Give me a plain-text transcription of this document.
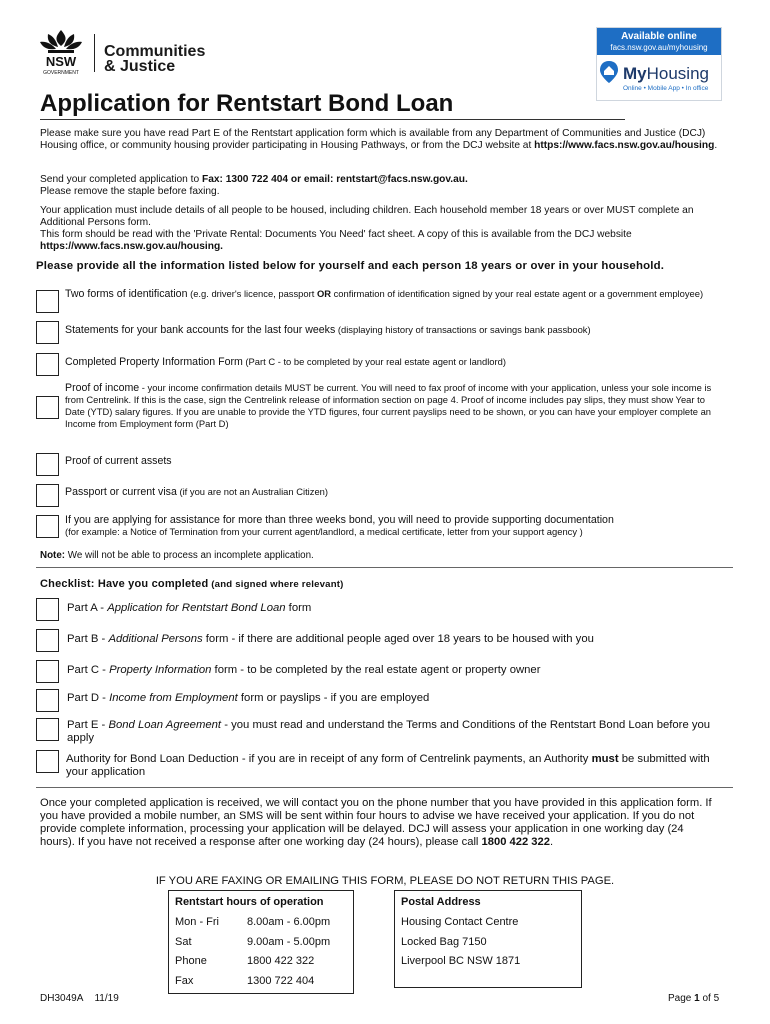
NSW
GOVERNMENT
Communities
& Justice
Available online
facs.nsw.gov.au/myhousing
MyHousing
Online • Mobile App • In office
Application for Rentstart Bond Loan
Please make sure you have read Part E of the Rentstart application form which is available from any Department of Communities and Justice (DCJ) Housing office, or community housing provider participating in Housing Pathways, or from the DCJ website at https://www.facs.nsw.gov.au/housing.
Send your completed application to Fax: 1300 722 404 or email: rentstart@facs.nsw.gov.au.
Please remove the staple before faxing.
Your application must include details of all people to be housed, including children. Each household member 18 years or over MUST complete an Additional Persons form.
This form should be read with the 'Private Rental: Documents You Need' fact sheet. A copy of this is available from the DCJ website
https://www.facs.nsw.gov.au/housing.
Please provide all the information listed below for yourself and each person 18 years or over in your household.
Two forms of identification (e.g. driver's licence, passport OR confirmation of identification signed by your real estate agent or a government employee)
Statements for your bank accounts for the last four weeks (displaying history of transactions or savings bank passbook)
Completed Property Information Form (Part C - to be completed by your real estate agent or landlord)
Proof of income - your income confirmation details MUST be current. You will need to fax proof of income with your application, unless your sole income is from Centrelink. If this is the case, sign the Centrelink release of information section on page 4. Proof of income includes pay slips, they must show Year to Date (YTD) salary figures. If you are unable to provide the YTD figures, four current payslips need to be shown, or you can have your employer complete an Income from Employment form (Part D)
Proof of current assets
Passport or current visa (if you are not an Australian Citizen)
If you are applying for assistance for more than three weeks bond, you will need to provide supporting documentation
(for example: a Notice of Termination from your current agent/landlord, a medical certificate, letter from your support agency )
Note: We will not be able to process an incomplete application.
Checklist: Have you completed (and signed where relevant)
Part A - Application for Rentstart Bond Loan form
Part B - Additional Persons form - if there are additional people aged over 18 years to be housed with you
Part C - Property Information form - to be completed by the real estate agent or property owner
Part D - Income from Employment form or payslips - if you are employed
Part E - Bond Loan Agreement - you must read and understand the Terms and Conditions of the Rentstart Bond Loan before you apply
Authority for Bond Loan Deduction - if you are in receipt of any form of Centrelink payments, an Authority must be submitted with your application
Once your completed application is received, we will contact you on the phone number that you have provided in this application form. If you have provided a mobile number, an SMS will be sent within four hours to advise we have received your application. If you do not provide complete information, processing your application will be delayed. DCJ will assess your application in one working day (24 hours). If you have not received a response after one working day (24 hours), please call 1800 422 322.
IF YOU ARE FAXING OR EMAILING THIS FORM, PLEASE DO NOT RETURN THIS PAGE.
Rentstart hours of operation
Mon - Fri	8.00am - 6.00pm
Sat	9.00am - 5.00pm
Phone	1800 422 322
Fax	1300 722 404
Postal Address
Housing Contact Centre
Locked Bag 7150
Liverpool BC NSW 1871
DH3049A 11/19	Page 1 of 5
